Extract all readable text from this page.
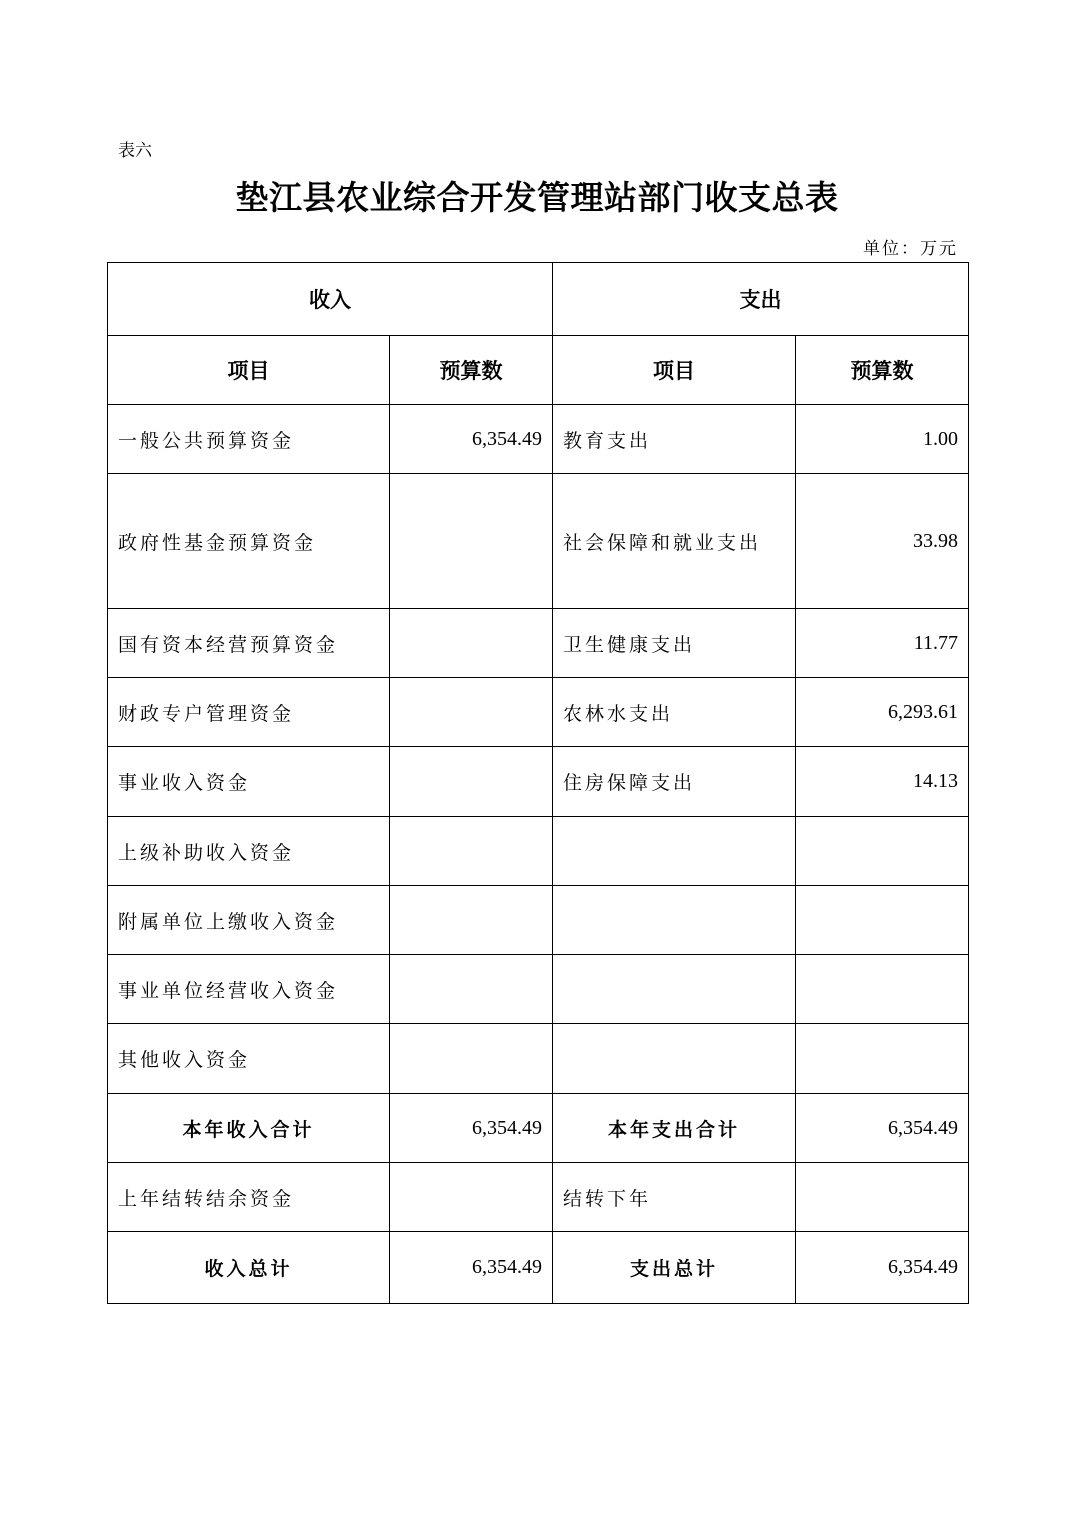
表六
垫江县农业综合开发管理站部门收支总表
单位：万元
收入		支出	
项目	预算数	项目	预算数
一般公共预算资金	6,354.49	教育支出	1.00
政府性基金预算资金		社会保障和就业支出	33.98
国有资本经营预算资金		卫生健康支出	11.77
财政专户管理资金		农林水支出	6,293.61
事业收入资金		住房保障支出	14.13
上级补助收入资金			
附属单位上缴收入资金			
事业单位经营收入资金			
其他收入资金			
本年收入合计	6,354.49	本年支出合计	6,354.49
上年结转结余资金		结转下年	
收入总计	6,354.49	支出总计	6,354.49
